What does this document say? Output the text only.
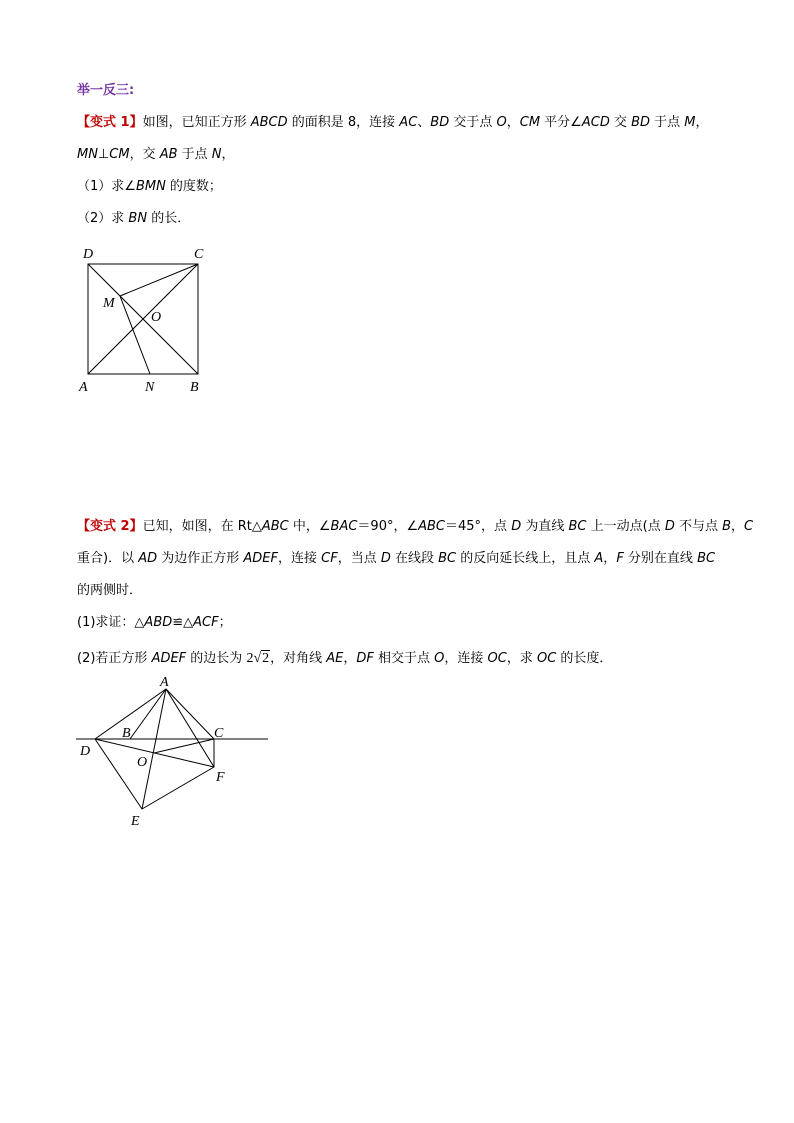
举一反三:
【变式 1】如图，已知正方形 ABCD 的面积是 8，连接 AC、BD 交于点 O，CM 平分∠ACD 交 BD 于点 M，
MN⊥CM，交 AB 于点 N，
（1）求∠BMN 的度数；
（2）求 BN 的长．
D	C
M
O
A	N	B
【变式 2】已知，如图，在 Rt△ABC 中，∠BAC＝90°，∠ABC＝45°，点 D 为直线 BC 上一动点(点 D 不与点 B，C
重合)．以 AD 为边作正方形 ADEF，连接 CF，当点 D 在线段 BC 的反向延长线上，且点 A，F 分别在直线 BC
的两侧时．
(1)求证：△ABD≌△ACF；
(2)若正方形 ADEF 的边长为 2√2，对角线 AE，DF 相交于点 O，连接 OC，求 OC 的长度．
A
B	C
D
O
F
E
